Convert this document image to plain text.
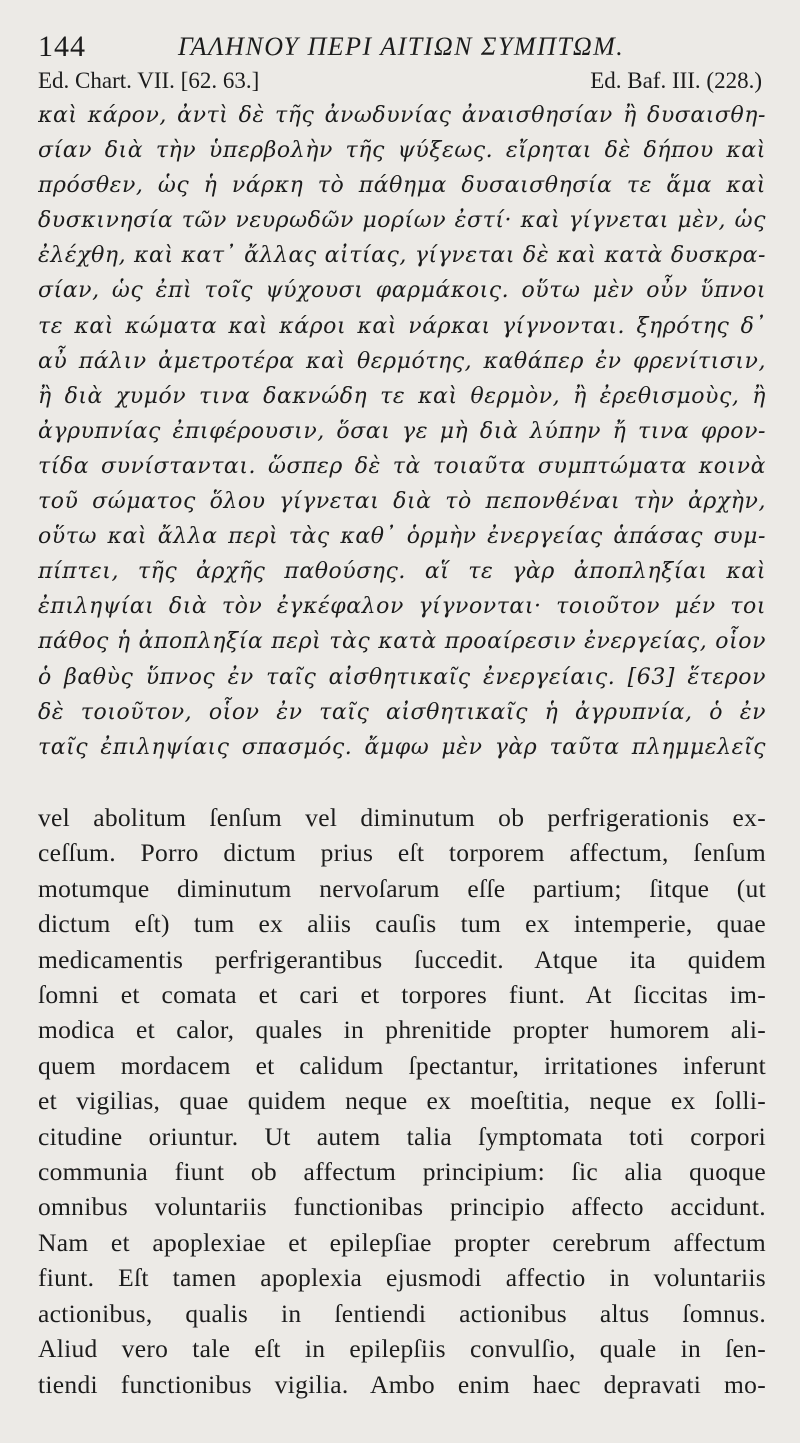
144	ΓΑΛΗΝΟΥ ΠΕΡΙ ΑΙΤΙΩΝ ΣΥΜΠΤΩΜ.
Ed. Chart. VII. [62. 63.]	Ed. Baf. III. (228.)

καὶ κάρον, ἀντὶ δὲ τῆς ἀνωδυνίας ἀναισθησίαν ἢ δυσαισθη-
σίαν διὰ τὴν ὑπερβολὴν τῆς ψύξεως. εἴρηται δὲ δήπου καὶ
πρόσθεν, ὡς ἡ νάρκη τὸ πάθημα δυσαισθησία τε ἅμα καὶ
δυσκινησία τῶν νευρωδῶν μορίων ἐστί· καὶ γίγνεται μὲν, ὡς
ἐλέχθη, καὶ κατ᾿ ἄλλας αἰτίας, γίγνεται δὲ καὶ κατὰ δυσκρα-
σίαν, ὡς ἐπὶ τοῖς ψύχουσι φαρμάκοις. οὕτω μὲν οὖν ὕπνοι
τε καὶ κώματα καὶ κάροι καὶ νάρκαι γίγνονται. ξηρότης δ᾿
αὖ πάλιν ἀμετροτέρα καὶ θερμότης, καθάπερ ἐν φρενίτισιν,
ἢ διὰ χυμόν τινα δακνώδη τε καὶ θερμὸν, ἢ ἐρεθισμοὺς, ἢ
ἀγρυπνίας ἐπιφέρουσιν, ὅσαι γε μὴ διὰ λύπην ἤ τινα φρον-
τίδα συνίστανται. ὥσπερ δὲ τὰ τοιαῦτα συμπτώματα κοινὰ
τοῦ σώματος ὅλου γίγνεται διὰ τὸ πεπονθέναι τὴν ἀρχὴν,
οὕτω καὶ ἄλλα περὶ τὰς καθ᾿ ὁρμὴν ἐνεργείας ἁπάσας συμ-
πίπτει, τῆς ἀρχῆς παθούσης. αἵ τε γὰρ ἀποπληξίαι καὶ
ἐπιληψίαι διὰ τὸν ἐγκέφαλον γίγνονται· τοιοῦτον μέν τοι
πάθος ἡ ἀποπληξία περὶ τὰς κατὰ προαίρεσιν ἐνεργείας, οἷον
ὁ βαθὺς ὕπνος ἐν ταῖς αἰσθητικαῖς ἐνεργείαις. [63] ἕτερον
δὲ τοιοῦτον, οἷον ἐν ταῖς αἰσθητικαῖς ἡ ἀγρυπνία, ὁ ἐν
ταῖς ἐπιληψίαις σπασμός. ἄμφω μὲν γὰρ ταῦτα πλημμελεῖς

vel abolitum ſenſum vel diminutum ob perfrigerationis ex-
ceſſum. Porro dictum prius eſt torporem affectum, ſenſum
motumque diminutum nervoſarum eſſe partium; ſitque (ut
dictum eſt) tum ex aliis cauſis tum ex intemperie, quae
medicamentis perfrigerantibus ſuccedit. Atque ita quidem
ſomni et comata et cari et torpores fiunt. At ſiccitas im-
modica et calor, quales in phrenitide propter humorem ali-
quem mordacem et calidum ſpectantur, irritationes inferunt
et vigilias, quae quidem neque ex moeſtitia, neque ex ſolli-
citudine oriuntur. Ut autem talia ſymptomata toti corpori
communia fiunt ob affectum principium: ſic alia quoque
omnibus voluntariis functionibas principio affecto accidunt.
Nam et apoplexiae et epilepſiae propter cerebrum affectum
fiunt. Eſt tamen apoplexia ejusmodi affectio in voluntariis
actionibus, qualis in ſentiendi actionibus altus ſomnus.
Aliud vero tale eſt in epilepſiis convulſio, quale in ſen-
tiendi functionibus vigilia. Ambo enim haec depravati mo-
